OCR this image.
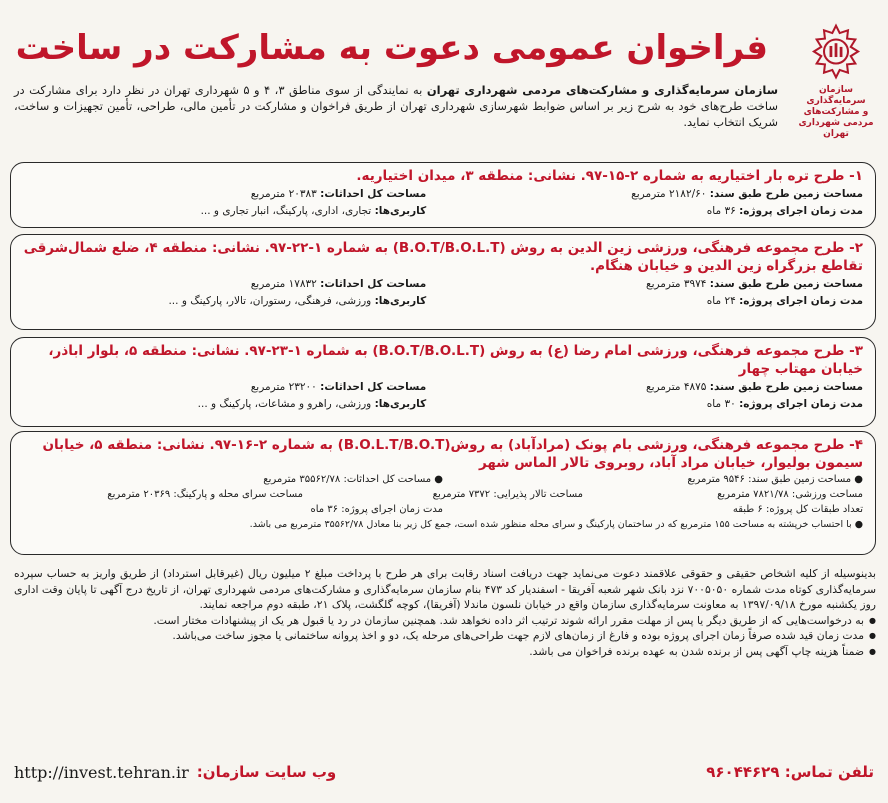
سازمان سرمایه‌گذاری
و مشارکت‌های مردمی شهرداری تهران
فراخوان عمومی دعوت به مشارکت در ساخت
سازمان سرمایه‌گذاری و مشارکت‌های مردمی شهرداری تهران به نمایندگی از سوی مناطق ۳، ۴ و ۵ شهرداری تهران در نظر دارد برای مشارکت در ساخت طرح‌های خود به شرح زیر بر اساس ضوابط شهرسازی شهرداری تهران از طریق فراخوان و مشارکت در تأمین مالی، طراحی، تأمین تجهیزات و ساخت، شریک انتخاب نماید.
۱- طرح تره بار اختیاریه به شماره ۲-۱۵-۹۷. نشانی: منطقه ۳، میدان اختیاریه.
مساحت زمین طرح طبق سند: ۲۱۸۲/۶۰ مترمربع
مساحت کل احداثات: ۲۰۳۸۳ مترمربع
مدت زمان اجرای پروژه: ۳۶ ماه
کاربری‌ها: تجاری، اداری، پارکینگ، انبار تجاری و ...
۲- طرح مجموعه فرهنگی، ورزشی زین الدین به روش (B.O.T/B.O.L.T) به شماره ۱-۲۲-۹۷. نشانی: منطقه ۴، ضلع شمال‌شرقی تقاطع بزرگراه زین الدین و خیابان هنگام.
مساحت زمین طرح طبق سند: ۳۹۷۴ مترمربع
مساحت کل احداثات: ۱۷۸۳۲ مترمربع
مدت زمان اجرای پروژه: ۲۴ ماه
کاربری‌ها: ورزشی، فرهنگی، رستوران، تالار، پارکینگ و ...
۳- طرح مجموعه فرهنگی، ورزشی امام رضا (ع) به روش (B.O.T/B.O.L.T) به شماره ۱-۲۳-۹۷. نشانی: منطقه ۵، بلوار اباذر، خیابان مهتاب چهار
مساحت زمین طرح طبق سند: ۴۸۷۵ مترمربع
مساحت کل احداثات: ۲۳۲۰۰ مترمربع
مدت زمان اجرای پروژه: ۳۰ ماه
کاربری‌ها: ورزشی، راهرو و مشاعات، پارکینگ و ...
۴- طرح مجموعه فرهنگی، ورزشی بام پونک (مرادآباد) به روش(B.O.L.T/B.O.T) به شماره ۲-۱۶-۹۷. نشانی: منطقه ۵، خیابان سیمون بولیوار، خیابان مراد آباد، روبروی تالار الماس شهر
● مساحت زمین طبق سند: ۹۵۴۶ مترمربع
● مساحت کل احداثات: ۳۵۵۶۲/۷۸ مترمربع
مساحت ورزشی: ۷۸۲۱/۷۸ مترمربع
مساحت تالار پذیرایی: ۷۳۷۲ مترمربع
مساحت سرای محله و پارکینگ: ۲۰۳۶۹ مترمربع
تعداد طبقات کل پروژه: ۶ طبقه
مدت زمان اجرای پروژه: ۳۶ ماه
● با احتساب خرپشته به مساحت ۱۵۵ مترمربع که در ساختمان پارکینگ و سرای محله منظور شده است، جمع کل زیر بنا معادل ۳۵۵۶۲/۷۸ مترمربع می باشد.

بدینوسیله از کلیه اشخاص حقیقی و حقوقی علاقمند دعوت می‌نماید جهت دریافت اسناد رقابت برای هر طرح با پرداخت مبلغ ۲ میلیون ریال (غیرقابل استرداد) از طریق واریز به حساب سپرده سرمایه‌گذاری کوتاه مدت شماره ۷۰۰۵۰۵۰ نزد بانک شهر شعبه آفریقا - اسفندیار کد ۴۷۳ بنام سازمان سرمایه‌گذاری و مشارکت‌های مردمی شهرداری تهران، از تاریخ درج آگهی تا پایان وقت اداری روز یکشنبه مورخ ۱۳۹۷/۰۹/۱۸ به معاونت سرمایه‌گذاری سازمان واقع در خیابان نلسون ماندلا (آفریقا)، کوچه گلگشت، پلاک ۲۱، طبقه دوم مراجعه نمایند.

● به درخواست‌هایی که از طریق دیگر یا پس از مهلت مقرر ارائه شوند ترتیب اثر داده نخواهد شد. همچنین سازمان در رد یا قبول هر یک از پیشنهادات مختار است.
● مدت زمان قید شده صرفاً زمان اجرای پروژه بوده و فارغ از زمان‌های لازم جهت طراحی‌های مرحله یک، دو و اخذ پروانه ساختمانی یا مجوز ساخت می‌باشد.
● ضمناً هزینه چاپ آگهی پس از برنده شدن به عهده برنده فراخوان می باشد.
تلفن تماس: ۹۶۰۴۴۶۲۹
وب سایت سازمان:
http://invest.tehran.ir
